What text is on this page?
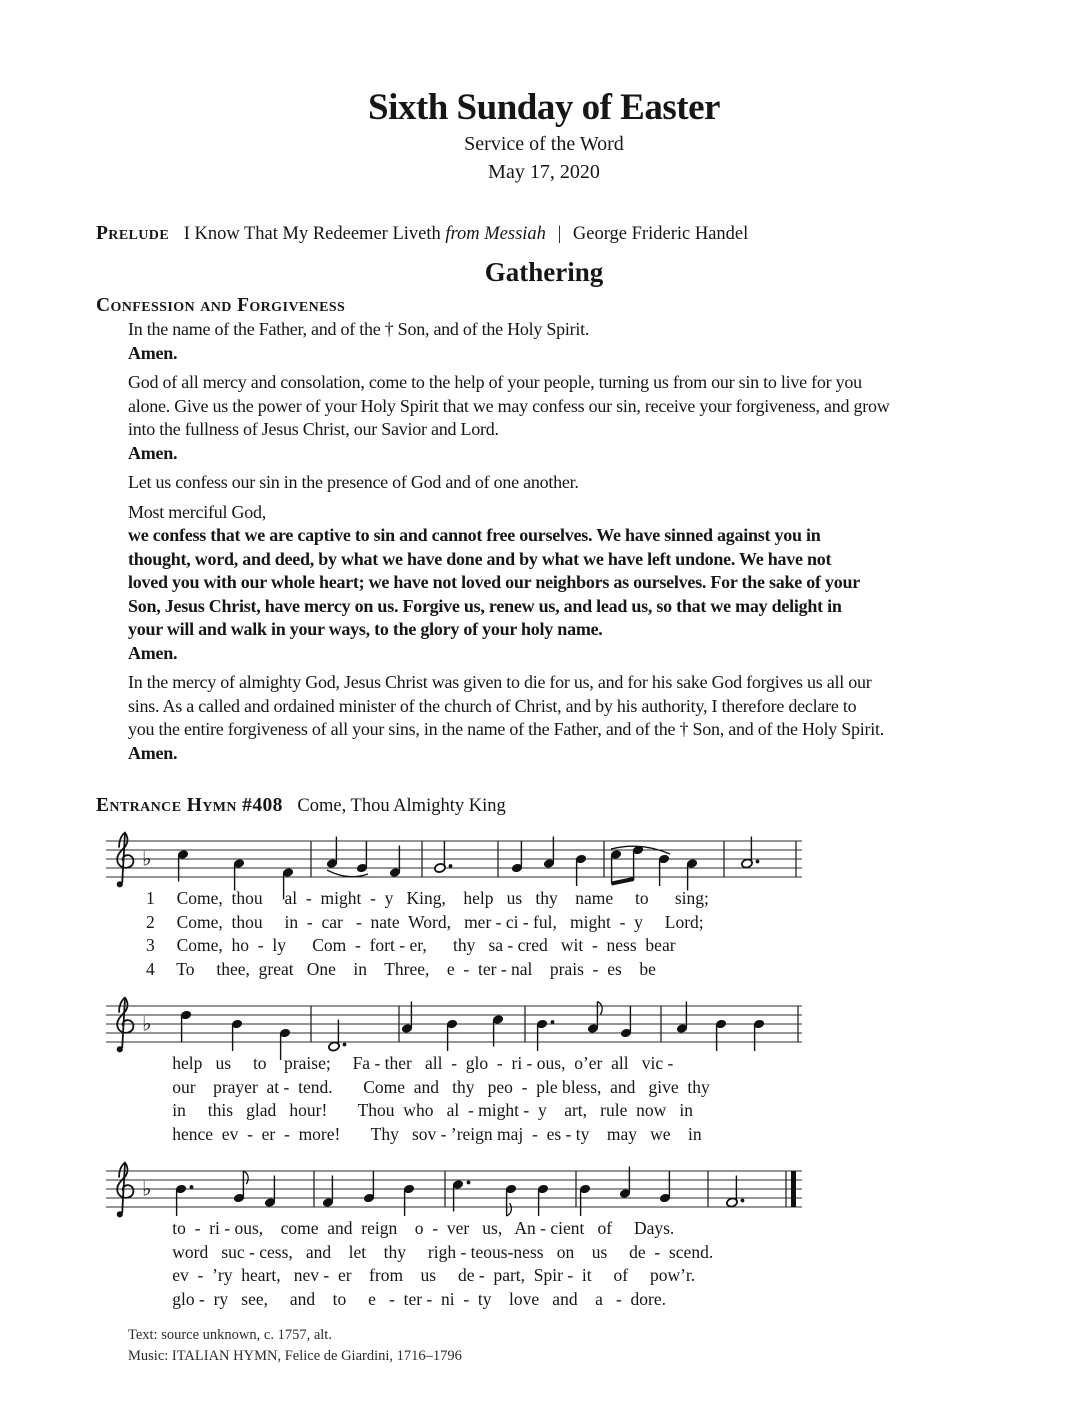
Sixth Sunday of Easter
Service of the Word
May 17, 2020
Prelude I Know That My Redeemer Liveth from Messiah | George Frideric Handel
Gathering
Confession and Forgiveness
In the name of the Father, and of the † Son, and of the Holy Spirit.
Amen.
God of all mercy and consolation, come to the help of your people, turning us from our sin to live for you
alone. Give us the power of your Holy Spirit that we may confess our sin, receive your forgiveness, and grow
into the fullness of Jesus Christ, our Savior and Lord.
Amen.
Let us confess our sin in the presence of God and of one another.
Most merciful God,
we confess that we are captive to sin and cannot free ourselves. We have sinned against you in
thought, word, and deed, by what we have done and by what we have left undone. We have not
loved you with our whole heart; we have not loved our neighbors as ourselves. For the sake of your
Son, Jesus Christ, have mercy on us. Forgive us, renew us, and lead us, so that we may delight in
your will and walk in your ways, to the glory of your holy name.
Amen.
In the mercy of almighty God, Jesus Christ was given to die for us, and for his sake God forgives us all our
sins. As a called and ordained minister of the church of Christ, and by his authority, I therefore declare to
you the entire forgiveness of all your sins, in the name of the Father, and of the † Son, and of the Holy Spirit.
Amen.
Entrance Hymn #408 Come, Thou Almighty King
♭
1     Come,  thou     al  -  might  -  y   King,    help   us   thy    name     to      sing;
2     Come,  thou     in  -  car   -  nate  Word,   mer - ci - ful,   might  -  y     Lord;
3     Come,  ho  -  ly      Com  -  fort - er,      thy   sa - cred   wit  -  ness  bear
4     To     thee,  great   One    in    Three,    e  -  ter - nal    prais  -  es    be
♭
help   us     to    praise;     Fa - ther   all  -  glo  -  ri - ous,  o’er  all   vic -
our    prayer  at -  tend.       Come  and   thy   peo  -  ple bless,  and   give  thy
in     this   glad   hour!       Thou  who   al  - might -  y    art,   rule  now   in
hence  ev  -  er  -  more!       Thy   sov - ’reign maj  -  es - ty    may   we    in
♭
to  -  ri - ous,    come  and  reign    o  -  ver   us,   An - cient   of     Days.
word   suc - cess,   and    let    thy     righ - teous-ness   on    us     de  -  scend.
ev  -  ’ry  heart,   nev -  er    from    us     de -  part,  Spir -  it     of     pow’r.
glo -  ry   see,     and    to     e   -  ter -  ni  -  ty    love   and    a   -  dore.
Text: source unknown, c. 1757, alt.
Music: ITALIAN HYMN, Felice de Giardini, 1716–1796
